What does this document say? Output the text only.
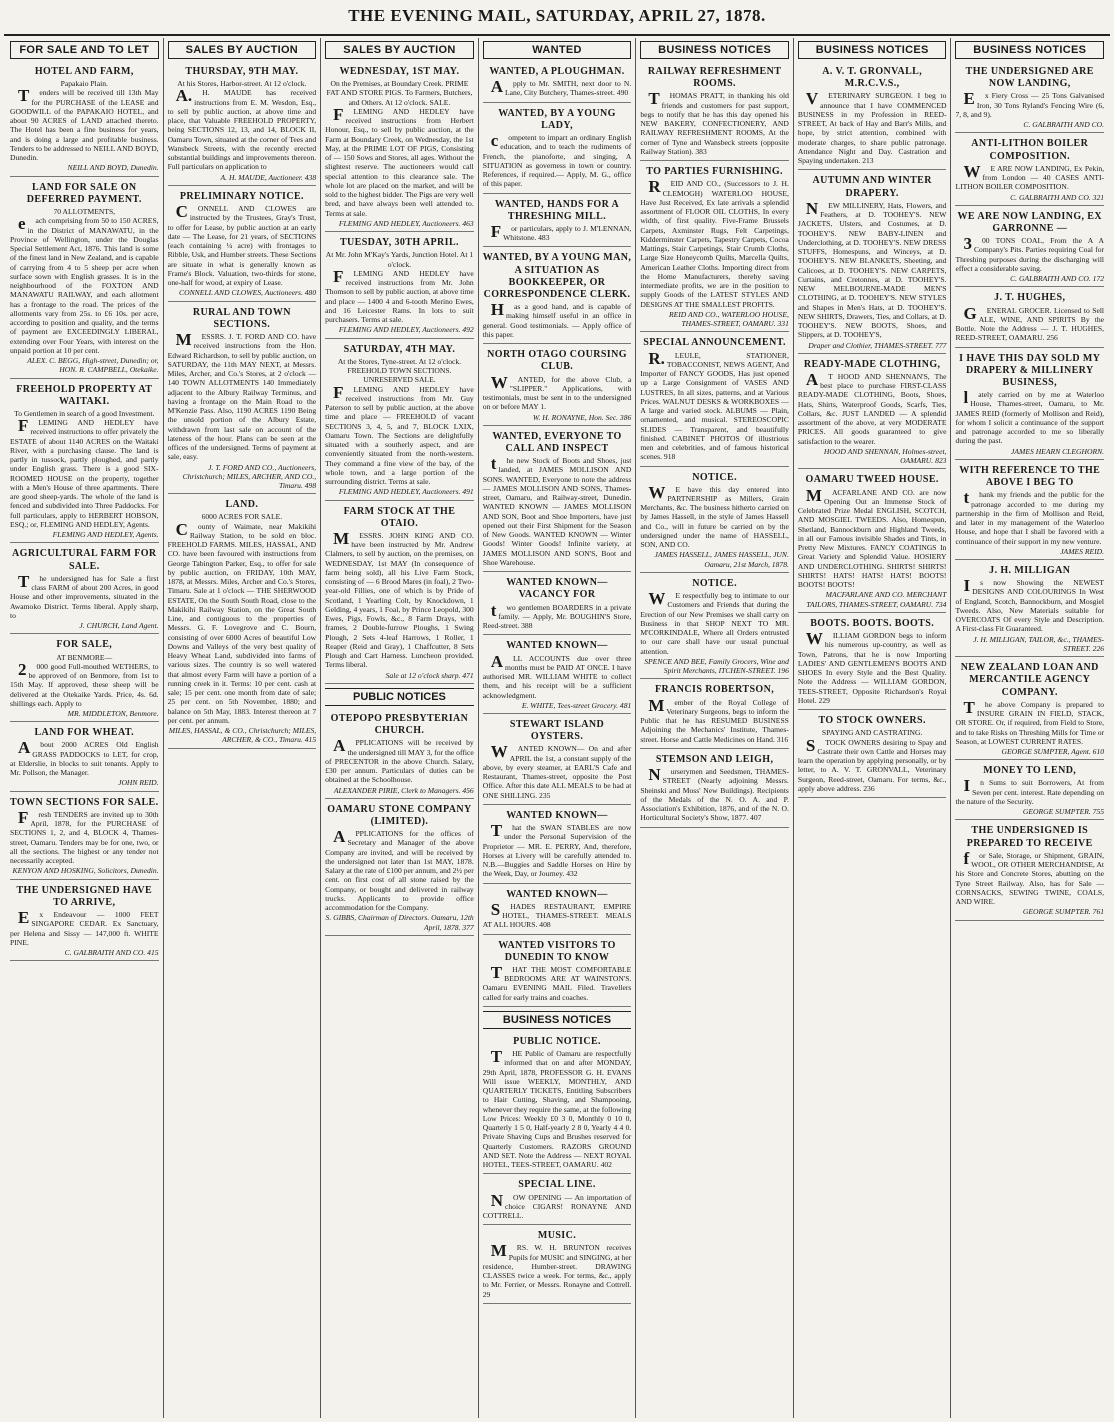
THE EVENING MAIL, SATURDAY, APRIL 27, 1878.
FOR SALE AND TO LET
HOTEL AND FARM,
Papakaio Plain.

Tenders will be received till 13th May for the PURCHASE of the LEASE and GOODWILL of the PAPAKAIO HOTEL, and about 90 ACRES of LAND attached thereto. The Hotel has been a fine business for years, and is doing a large and profitable business. Tenders to be addressed to NEILL AND BOYD, Dunedin.

NEILL AND BOYD, Dunedin.
LAND FOR SALE ON DEFERRED PAYMENT.
70 ALLOTMENTS,

each comprising from 50 to 150 ACRES, in the District of MANAWATU, in the Province of Wellington, under the Douglas Special Settlement Act, 1876. This land is some of the finest land in New Zealand, and is capable of carrying from 4 to 5 sheep per acre when surface sown with English grasses. It is in the neighbourhood of the FOXTON AND MANAWATU RAILWAY, and each allotment has a frontage to the road. The prices of the allotments vary from 25s. to £6 10s. per acre, according to position and quality, and the terms of payment are EXCEEDINGLY LIBERAL, extending over Four Years, with interest on the unpaid portion at 10 per cent.

ALEX. C. BEGG, High-street, Dunedin; or, HON. R. CAMPBELL, Otekaike.
FREEHOLD PROPERTY AT WAITAKI.
To Gentlemen in search of a good Investment.

FLEMING AND HEDLEY have received instructions to offer privately the ESTATE of about 1140 ACRES on the Waitaki River, with a purchasing clause. The land is partly in tussock, partly ploughed, and partly under English grass. There is a good SIX-ROOMED HOUSE on the property, together with a Men's House of three apartments. There are good sheep-yards. The whole of the land is fenced and subdivided into Three Paddocks. For full particulars, apply to HERBERT HOBSON, ESQ.; or, FLEMING AND HEDLEY, Agents.

FLEMING AND HEDLEY, Agents.
AGRICULTURAL FARM FOR SALE.

The undersigned has for Sale a first class FARM of about 200 Acres, in good House and other improvements, situated in the Awamoko District. Terms liberal. Apply sharp, to

J. CHURCH, Land Agent.
FOR SALE,
AT BENMORE—

2000 good Full-mouthed WETHERS, to be approved of on Benmore, from 1st to 15th May. If approved, these sheep will be delivered at the Otekaike Yards. Price, 4s. 6d. shillings each. Apply to

MR. MIDDLETON, Benmore.
LAND FOR WHEAT.

About 2000 ACRES Old English GRASS PADDOCKS to LET, for crop, at Elderslie, in blocks to suit tenants. Apply to Mr. Pollson, the Manager.

JOHN REID.
TOWN SECTIONS FOR SALE.

Fresh TENDERS are invited up to 30th April, 1878, for the PURCHASE of SECTIONS 1, 2, and 4, BLOCK 4, Thames-street, Oamaru. Tenders may be for one, two, or all the sections. The highest or any tender not necessarily accepted.

KENYON AND HOSKING, Solicitors, Dunedin.
THE UNDERSIGNED HAVE TO ARRIVE,

Ex Endeavour — 1000 FEET SINGAPORE CEDAR. Ex Sanctuary, per Helena and Sissy — 147,000 ft. WHITE PINE.

C. GALBRAITH AND CO. 415
SALES BY AUCTION
THURSDAY, 9TH MAY.
At his Stores, Harbor-street. At 12 o'clock.

A.H. MAUDE has received instructions from E. M. Wesdon, Esq., to sell by public auction, at above time and place, that Valuable FREEHOLD PROPERTY, being SECTIONS 12, 13, and 14, BLOCK II, Oamaru Town, situated at the corner of Tees and Wansbeck Streets, with the recently erected substantial buildings and improvements thereon. Full particulars on application to

A. H. MAUDE, Auctioneer. 438
PRELIMINARY NOTICE.

CONNELL AND CLOWES are instructed by the Trustees, Gray's Trust, to offer for Lease, by public auction at an early date — The Lease, for 21 years, of SECTIONS (each containing ¼ acre) with frontages to Ribble, Usk, and Humber streets. These Sections are situate in what is generally known as Frame's Block. Valuation, two-thirds for stone, one-half for wood, at expiry of Lease.

CONNELL AND CLOWES, Auctioneers. 480
RURAL AND TOWN SECTIONS.

MESSRS. J. T. FORD AND CO. have received instructions from the Hon. Edward Richardson, to sell by public auction, on SATURDAY, the 11th MAY NEXT, at Messrs. Miles, Archer, and Co.'s Stores, at 2 o'clock — 140 TOWN ALLOTMENTS 140 Immediately adjacent to the Albury Railway Terminus, and having a frontage on the Main Road to the M'Kenzie Pass. Also, 1190 ACRES 1190 Being the unsold portion of the Albury Estate, withdrawn from last sale on account of the lateness of the hour. Plans can be seen at the offices of the undersigned. Terms of payment at sale, easy.

J. T. FORD AND CO., Auctioneers, Christchurch; MILES, ARCHER, AND CO., Timaru. 498
LAND.
6000 ACRES FOR SALE.

County of Waimate, near Makikihi Railway Station, to be sold en bloc. FREEHOLD FARMS. MILES, HASSAL, AND CO. have been favoured with instructions from George Tabington Parker, Esq., to offer for sale by public auction, on FRIDAY, 10th MAY, 1878, at Messrs. Miles, Archer and Co.'s Stores, Timaru. Sale at 1 o'clock — THE SHERWOOD ESTATE, On the South South Road, close to the Makikihi Railway Station, on the Great South Line, and contiguous to the properties of Messrs. G. F. Lovegrove and C. Bourn, consisting of over 6000 Acres of beautiful Low Downs and Valleys of the very best quality of Heavy Wheat Land, subdivided into farms of various sizes. The country is so well watered that almost every Farm will have a portion of a running creek in it. Terms: 10 per cent. cash at sale; 15 per cent. one month from date of sale; 25 per cent. on 5th November, 1880; and balance on 5th May, 1883. Interest thereon at 7 per cent. per annum.

MILES, HASSAL, & CO., Christchurch; MILES, ARCHER, & CO., Timaru. 415
SALES BY AUCTION
WEDNESDAY, 1ST MAY.
On the Premises, at Boundary Creek. PRIME FAT AND STORE PIGS. To Farmers, Butchers, and Others. At 12 o'clock. SALE.

FLEMING AND HEDLEY have received instructions from Herbert Honour, Esq., to sell by public auction, at the Farm at Boundary Creek, on Wednesday, the 1st May, at the PRIME LOT OF PIGS, Consisting of — 150 Sows and Stores, all ages. Without the slightest reserve. The auctioneers would call special attention to this clearance sale. The whole lot are placed on the market, and will be sold to the highest bidder. The Pigs are very well bred, and have always been well attended to. Terms at sale.

FLEMING AND HEDLEY, Auctioneers. 463
TUESDAY, 30TH APRIL.
At Mr. John M'Kay's Yards, Junction Hotel. At 1 o'clock.

FLEMING AND HEDLEY have received instructions from Mr. John Thomson to sell by public auction, at above time and place — 1400 4 and 6-tooth Merino Ewes, and 16 Leicester Rams. In lots to suit purchasers. Terms at sale.

FLEMING AND HEDLEY, Auctioneers. 492
SATURDAY, 4TH MAY.
At the Stores, Tyne-street. At 12 o'clock. FREEHOLD TOWN SECTIONS. UNRESERVED SALE.

FLEMING AND HEDLEY have received instructions from Mr. Guy Paterson to sell by public auction, at the above time and place — FREEHOLD of vacant SECTIONS 3, 4, 5, and 7, BLOCK LXIX, Oamaru Town. The Sections are delightfully situated with a southerly aspect, and are conveniently situated from the north-western. They command a fine view of the bay, of the whole town, and a large portion of the surrounding district. Terms at sale.

FLEMING AND HEDLEY, Auctioneers. 491
FARM STOCK AT THE OTAIO.

MESSRS. JOHN KING AND CO. have been instructed by Mr. Andrew Clalmers, to sell by auction, on the premises, on WEDNESDAY, 1st MAY (In consequence of farm being sold), all his Live Farm Stock, consisting of — 6 Brood Mares (in foal), 2 Two-year-old Fillies, one of which is by Pride of Scotland, 1 Yearling Colt, by Knockdown, 1 Gelding, 4 years, 1 Foal, by Prince Leopold, 300 Ewes, Pigs, Fowls, &c., 8 Farm Drays, with frames, 2 Double-furrow Ploughs, 1 Swing Plough, 2 Sets 4-leaf Harrows, 1 Roller, 1 Reaper (Reid and Gray), 1 Chaffcutter, 8 Sets Plough and Cart Harness. Luncheon provided. Terms liberal.

Sale at 12 o'clock sharp. 471
PUBLIC NOTICES
OTEPOPO PRESBYTERIAN CHURCH.

APPLICATIONS will be received by the undersigned till MAY 3, for the office of PRECENTOR in the above Church. Salary, £30 per annum. Particulars of duties can be obtained at the Schoolhouse.

ALEXANDER PIRIE, Clerk to Managers. 456
OAMARU STONE COMPANY (LIMITED).

APPLICATIONS for the offices of Secretary and Manager of the above Company are invited, and will be received by the undersigned not later than 1st MAY, 1878. Salary at the rate of £100 per annum, and 2½ per cent. on first cost of all stone raised by the Company, or bought and delivered in railway trucks. Applicants to provide office accommodation for the Company.

S. GIBBS, Chairman of Directors. Oamaru, 12th April, 1878. 377
WANTED
WANTED, A PLOUGHMAN.

Apply to Mr. SMITH, next door to N. Lane, City Butchery, Thames-street. 490

WANTED, BY A YOUNG LADY,

competent to impart an ordinary English education, and to teach the rudiments of French, the pianoforte, and singing, A SITUATION as governess in town or country. References, if required.— Apply, M. G., office of this paper.

WANTED, HANDS FOR A THRESHING MILL.

For particulars, apply to J. M'LENNAN, Whitstone. 483

WANTED, BY A YOUNG MAN, A SITUATION AS BOOKKEEPER, OR CORRESPONDENCE CLERK.

Has a good hand, and is capable of making himself useful in an office in general. Good testimonials. — Apply office of this paper.

NORTH OTAGO COURSING CLUB.

WANTED, for the above Club, a "SLIPPER." Applications, with testimonials, must be sent in to the undersigned on or before MAY 1.

W. H. RONAYNE, Hon. Sec. 386
WANTED, EVERYONE TO CALL AND INSPECT

the new Stock of Boots and Shoes, just landed, at JAMES MOLLISON AND SONS. WANTED, Everyone to note the address — JAMES MOLLISON AND SONS, Thames-street, Oamaru, and Railway-street, Dunedin. WANTED KNOWN — JAMES MOLLISON AND SON, Boot and Shoe Importers, have just opened out their First Shipment for the Season of New Goods. WANTED KNOWN — Winter Goods! Winter Goods! Infinite variety, at JAMES MOLLISON AND SON'S, Boot and Shoe Warehouse.

WANTED KNOWN—VACANCY FOR

two gentlemen BOARDERS in a private family. — Apply, Mr. BOUGHIN'S Store, Reed-street. 388

WANTED KNOWN—

ALL ACCOUNTS due over three months must be PAID AT ONCE. I have authorised MR. WILLIAM WHITE to collect them, and his receipt will be a sufficient acknowledgment.

E. WHITE, Tees-street Grocery. 481
STEWART ISLAND OYSTERS.

WANTED KNOWN— On and after APRIL the 1st, a constant supply of the above, by every steamer, at EARL'S Cafe and Restaurant, Thames-street, opposite the Post Office. After this date ALL MEALS to be had at ONE SHILLING. 235

WANTED KNOWN—

That the SWAN STABLES are now under the Personal Supervision of the Proprietor — MR. E. PERRY, And, therefore, Horses at Livery will be carefully attended to. N.B.—Buggies and Saddle Horses on Hire by the Week, Day, or Journey. 432

WANTED KNOWN—

SHADES RESTAURANT, EMPIRE HOTEL, THAMES-STREET. MEALS AT ALL HOURS. 408

WANTED VISITORS TO DUNEDIN TO KNOW

THAT THE MOST COMFORTABLE BEDROOMS ARE AT WAINSTON'S. Oamaru EVENING MAIL Filed. Travellers called for early trains and coaches.

BUSINESS NOTICES
PUBLIC NOTICE.

THE Public of Oamaru are respectfully informed that on and after MONDAY, 29th April, 1878, PROFESSOR G. H. EVANS Will issue WEEKLY, MONTHLY, AND QUARTERLY TICKETS, Entitling Subscribers to Hair Cutting, Shaving, and Shampooing, whenever they require the same, at the following Low Prices: Weekly £0 3 0, Monthly 0 10 0, Quarterly 1 5 0, Half-yearly 2 8 0, Yearly 4 4 0. Private Shaving Cups and Brushes reserved for Quarterly Customers. RAZORS GROUND AND SET. Note the Address — NEXT ROYAL HOTEL, TEES-STREET, OAMARU. 402

SPECIAL LINE.

NOW OPENING — An importation of choice CIGARS! RONAYNE AND COTTRELL.

MUSIC.

MRS. W. H. BRUNTON receives Pupils for MUSIC and SINGING, at her residence, Humber-street. DRAWING CLASSES twice a week. For terms, &c., apply to Mr. Ferrier, or Messrs. Ronayne and Cottrell. 29

BUSINESS NOTICES
RAILWAY REFRESHMENT ROOMS.

THOMAS PRATT, in thanking his old friends and customers for past support, begs to notify that he has this day opened his NEW BAKERY, CONFECTIONERY, AND RAILWAY REFRESHMENT ROOMS, At the corner of Tyne and Wansbeck streets (opposite Railway Station). 383

TO PARTIES FURNISHING.

REID AND CO., (Successors to J. H. CLEMOGH) WATERLOO HOUSE, Have Just Received, Ex late arrivals a splendid assortment of FLOOR OIL CLOTHS, In every width, of first quality. Five-Frame Brussels Carpets, Axminster Rugs, Felt Carpetings, Kidderminster Carpets, Tapestry Carpets, Cocoa Mattings, Stair Carpetings, Stair Crumb Cloths, Large Size Honeycomb Quilts, Marcella Quilts, American Leather Cloths. Importing direct from the Home Manufacturers, thereby saving intermediate profits, we are in the position to supply Goods of the LATEST STYLES AND DESIGNS AT THE SMALLEST PROFITS.

REID AND CO., WATERLOO HOUSE, THAMES-STREET, OAMARU. 331
SPECIAL ANNOUNCEMENT.

R.LEULE, STATIONER, TOBACCONIST, NEWS AGENT, And Importer of FANCY GOODS, Has just opened up a Large Consignment of VASES AND LUSTRES, In all sizes, patterns, and at Various Prices. WALNUT DESKS & WORKBOXES — A large and varied stock. ALBUMS — Plain, ornamented, and musical. STEREOSCOPIC SLIDES — Transparent, and beautifully finished. CABINET PHOTOS Of illustrious men and celebrities, and of famous historical scenes. 918

NOTICE.

WE have this day entered into PARTNERSHIP as Millers, Grain Merchants, &c. The business hitherto carried on by James Hassell, in the style of James Hassell and Co., will in future be carried on by the undersigned under the name of HASSELL, SON, AND CO.

JAMES HASSELL, JAMES HASSELL, JUN. Oamaru, 21st March, 1878.
NOTICE.

WE respectfully beg to intimate to our Customers and Friends that during the Erection of our New Premises we shall carry on Business in that SHOP NEXT TO MR. M'CORKINDALE, Where all Orders entrusted to our care shall have our usual punctual attention.

SPENCE AND BEE, Family Grocers, Wine and Spirit Merchants, ITCHEN-STREET. 196
FRANCIS ROBERTSON,

Member of the Royal College of Veterinary Surgeons, begs to inform the Public that he has RESUMED BUSINESS Adjoining the Mechanics' Institute, Thames-street. Horse and Cattle Medicines on Hand. 316

STEMSON AND LEIGH,

Nurserymen and Seedsmen, THAMES-STREET (Nearly adjoining Messrs. Sheinski and Moss' New Buildings). Recipients of the Medals of the N. O. A. and P. Association's Exhibition, 1876, and of the N. O. Horticultural Society's Show, 1877. 407

BUSINESS NOTICES
A. V. T. GRONVALL, M.R.C.V.S.,

VETERINARY SURGEON. I beg to announce that I have COMMENCED BUSINESS in my Profession in REED-STREET, At back of Hay and Barr's Mills, and hope, by strict attention, combined with moderate charges, to share public patronage. Attendance Night and Day. Castration and Spaying undertaken. 213

AUTUMN AND WINTER DRAPERY.

NEW MILLINERY, Hats, Flowers, and Feathers, at D. TOOHEY'S. NEW JACKETS, Ulsters, and Costumes, at D. TOOHEY'S. NEW BABY-LINEN and Underclothing, at D. TOOHEY'S. NEW DRESS STUFFS, Homespuns, and Winceys, at D. TOOHEY'S. NEW BLANKETS, Sheeting, and Calicoes, at D. TOOHEY'S. NEW CARPETS, Curtains, and Cretonnes, at D. TOOHEY'S. NEW MELBOURNE-MADE MEN'S CLOTHING, at D. TOOHEY'S. NEW STYLES and Shapes in Men's Hats, at D. TOOHEY'S. NEW SHIRTS, Drawers, Ties, and Collars, at D. TOOHEY'S. NEW BOOTS, Shoes, and Slippers, at D. TOOHEY'S,

Draper and Clothier, THAMES-STREET. 777
READY-MADE CLOTHING,

AT HOOD AND SHENNAN'S, The best place to purchase FIRST-CLASS READY-MADE CLOTHING, Boots, Shoes, Hats, Shirts, Waterproof Goods, Scarfs, Ties, Collars, &c. JUST LANDED — A splendid assortment of the above, at very MODERATE PRICES. All goods guaranteed to give satisfaction to the wearer.

HOOD AND SHENNAN, Holmes-street, OAMARU. 823
OAMARU TWEED HOUSE.

MACFARLANE AND CO. are now Opening Out an Immense Stock of Celebrated Prize Medal ENGLISH, SCOTCH, AND MOSGIEL TWEEDS. Also, Homespun, Shetland, Bannockburn and Highland Tweeds, in all our Famous invisible Shades and Tints, in Pretty New Mixtures. FANCY COATINGS In Great Variety and Splendid Value. HOSIERY AND UNDERCLOTHING. SHIRTS! SHIRTS! SHIRTS! HATS! HATS! HATS! BOOTS! BOOTS! BOOTS!

MACFARLANE AND CO. MERCHANT TAILORS, THAMES-STREET, OAMARU. 734
BOOTS. BOOTS. BOOTS.

WILLIAM GORDON begs to inform his numerous up-country, as well as Town, Patrons, that he is now Importing LADIES' AND GENTLEMEN'S BOOTS AND SHOES In every Style and the Best Quality. Note the Address — WILLIAM GORDON, TEES-STREET, Opposite Richardson's Royal Hotel. 229

TO STOCK OWNERS.
SPAYING AND CASTRATING.

STOCK OWNERS desiring to Spay and Castrate their own Cattle and Horses may learn the operation by applying personally, or by letter, to A. V. T. GRONVALL, Veterinary Surgeon, Reed-street, Oamaru. For terms, &c., apply above address. 236

BUSINESS NOTICES
THE UNDERSIGNED ARE NOW LANDING,

Ex Fiery Cross — 25 Tons Galvanised Iron, 30 Tons Ryland's Fencing Wire (6, 7, 8, and 9).

C. GALBRAITH AND CO.
ANTI-LITHON BOILER COMPOSITION.

WE ARE NOW LANDING, Ex Pekin, from London — 40 CASES ANTI-LITHON BOILER COMPOSITION.

C. GALBRAITH AND CO. 321
WE ARE NOW LANDING, EX GARRONNE —

300 TONS COAL, From the A A Company's Pits. Parties requiring Coal for Threshing purposes during the discharging will effect a considerable saving.

C. GALBRAITH AND CO. 172
J. T. HUGHES,

GENERAL GROCER. Licensed to Sell ALE, WINE, AND SPIRITS By the Bottle. Note the Address — J. T. HUGHES, REED-STREET, OAMARU. 256

I HAVE THIS DAY SOLD MY DRAPERY & MILLINERY BUSINESS,

lately carried on by me at Waterloo House, Thames-street, Oamaru, to Mr. JAMES REID (formerly of Mollison and Reid), for whom I solicit a continuance of the support and patronage accorded to me so liberally during the past.

JAMES HEARN CLEGHORN.
WITH REFERENCE TO THE ABOVE I BEG TO

thank my friends and the public for the patronage accorded to me during my partnership in the firm of Mollison and Reid, and later in my management of the Waterloo House, and hope that I shall be favored with a continuance of their support in my new venture.

JAMES REID.
J. H. MILLIGAN

Is now Showing the NEWEST DESIGNS AND COLOURINGS In West of England, Scotch, Bannockburn, and Mosgiel Tweeds. Also, New Materials suitable for OVERCOATS Of every Style and Description. A First-class Fit Guaranteed.

J. H. MILLIGAN, TAILOR, &c., THAMES-STREET. 226
NEW ZEALAND LOAN AND MERCANTILE AGENCY COMPANY.

The above Company is prepared to INSURE GRAIN IN FIELD, STACK, OR STORE. Or, if required, from Field to Store, and to take Risks on Threshing Mills for Time or Season, at LOWEST CURRENT RATES.

GEORGE SUMPTER, Agent. 610
MONEY TO LEND,

In Sums to suit Borrowers, At from Seven per cent. interest. Rate depending on the nature of the Security.

GEORGE SUMPTER. 755
THE UNDERSIGNED IS PREPARED TO RECEIVE

for Sale, Storage, or Shipment, GRAIN, WOOL, OR OTHER MERCHANDISE, At his Store and Concrete Stores, abutting on the Tyne Street Railway. Also, has for Sale — CORNSACKS, SEWING TWINE, COALS, AND WIRE.

GEORGE SUMPTER. 761
